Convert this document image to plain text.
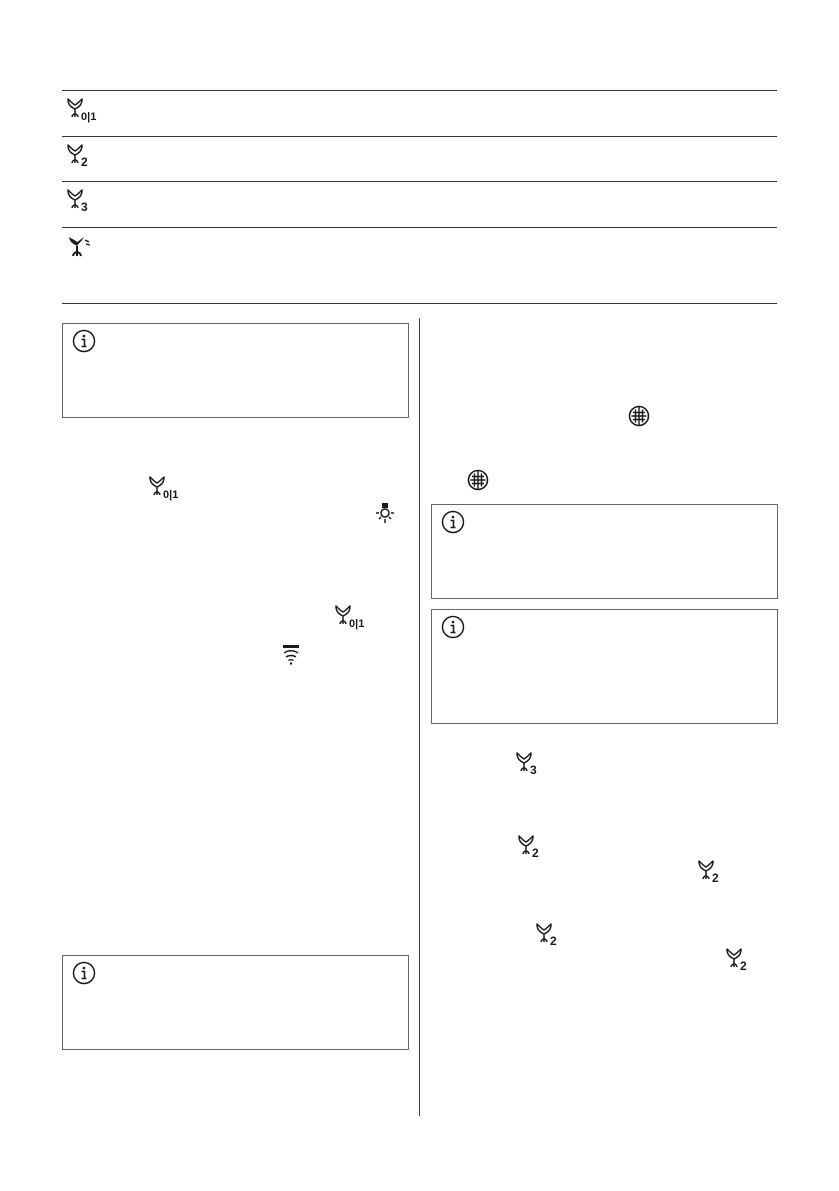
0|1
2
3
0|1
0|1
3
2
2
2
2
